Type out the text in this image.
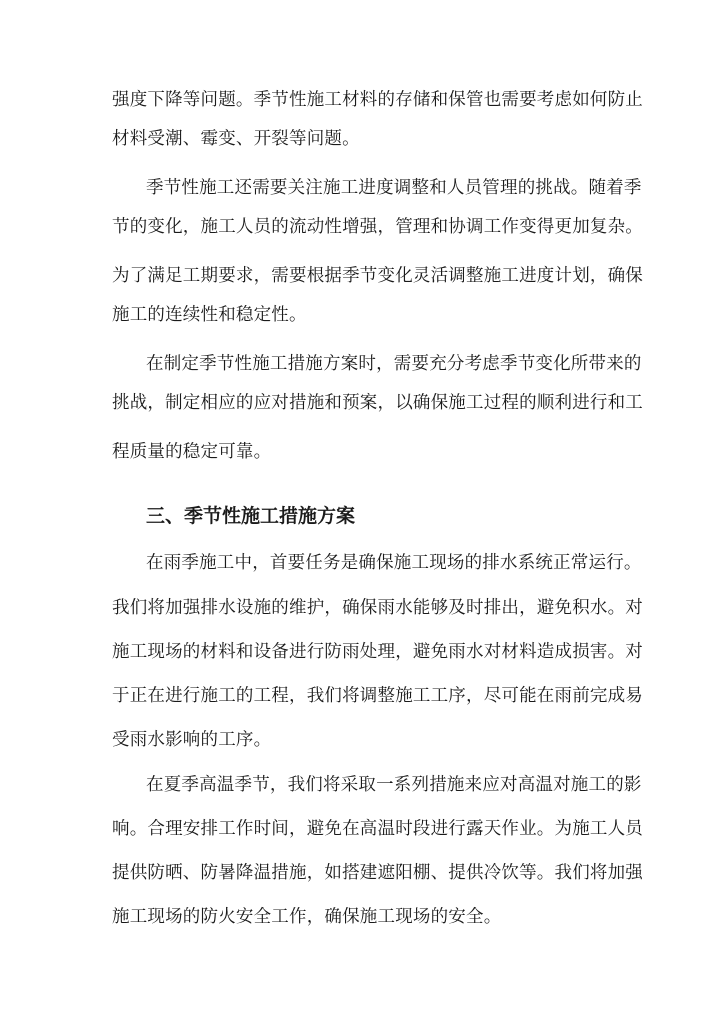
强度下降等问题。季节性施工材料的存储和保管也需要考虑如何防止
材料受潮、霉变、开裂等问题。
季节性施工还需要关注施工进度调整和人员管理的挑战。随着季
节的变化，施工人员的流动性增强，管理和协调工作变得更加复杂。
为了满足工期要求，需要根据季节变化灵活调整施工进度计划，确保
施工的连续性和稳定性。
在制定季节性施工措施方案时，需要充分考虑季节变化所带来的
挑战，制定相应的应对措施和预案，以确保施工过程的顺利进行和工
程质量的稳定可靠。
三、季节性施工措施方案
在雨季施工中，首要任务是确保施工现场的排水系统正常运行。
我们将加强排水设施的维护，确保雨水能够及时排出，避免积水。对
施工现场的材料和设备进行防雨处理，避免雨水对材料造成损害。对
于正在进行施工的工程，我们将调整施工工序，尽可能在雨前完成易
受雨水影响的工序。
在夏季高温季节，我们将采取一系列措施来应对高温对施工的影
响。合理安排工作时间，避免在高温时段进行露天作业。为施工人员
提供防晒、防暑降温措施，如搭建遮阳棚、提供冷饮等。我们将加强
施工现场的防火安全工作，确保施工现场的安全。
